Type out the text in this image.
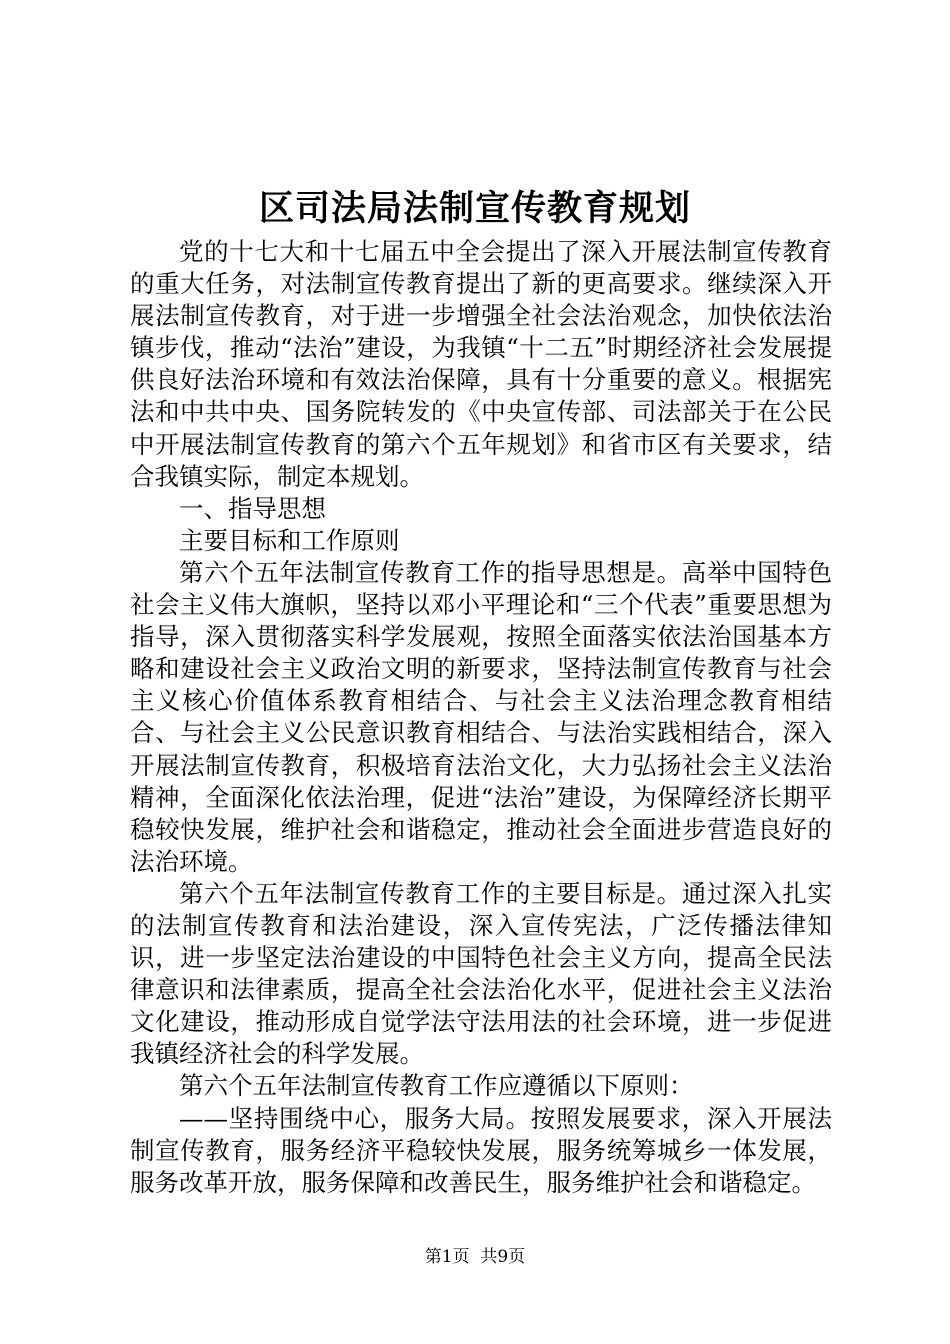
区司法局法制宣传教育规划

党的十七大和十七届五中全会提出了深入开展法制宣传教育的重大任务，对法制宣传教育提出了新的更高要求。继续深入开展法制宣传教育，对于进一步增强全社会法治观念，加快依法治镇步伐，推动“法治”建设，为我镇“十二五”时期经济社会发展提供良好法治环境和有效法治保障，具有十分重要的意义。根据宪法和中共中央、国务院转发的《中央宣传部、司法部关于在公民中开展法制宣传教育的第六个五年规划》和省市区有关要求，结合我镇实际，制定本规划。

一、指导思想

主要目标和工作原则

第六个五年法制宣传教育工作的指导思想是。高举中国特色社会主义伟大旗帜，坚持以邓小平理论和“三个代表”重要思想为指导，深入贯彻落实科学发展观，按照全面落实依法治国基本方略和建设社会主义政治文明的新要求，坚持法制宣传教育与社会主义核心价值体系教育相结合、与社会主义法治理念教育相结合、与社会主义公民意识教育相结合、与法治实践相结合，深入开展法制宣传教育，积极培育法治文化，大力弘扬社会主义法治精神，全面深化依法治理，促进“法治”建设，为保障经济长期平稳较快发展，维护社会和谐稳定，推动社会全面进步营造良好的法治环境。

第六个五年法制宣传教育工作的主要目标是。通过深入扎实的法制宣传教育和法治建设，深入宣传宪法，广泛传播法律知识，进一步坚定法治建设的中国特色社会主义方向，提高全民法律意识和法律素质，提高全社会法治化水平，促进社会主义法治文化建设，推动形成自觉学法守法用法的社会环境，进一步促进我镇经济社会的科学发展。

第六个五年法制宣传教育工作应遵循以下原则：

——坚持围绕中心，服务大局。按照发展要求，深入开展法制宣传教育，服务经济平稳较快发展，服务统筹城乡一体发展，服务改革开放，服务保障和改善民生，服务维护社会和谐稳定。

第1页 共9页
